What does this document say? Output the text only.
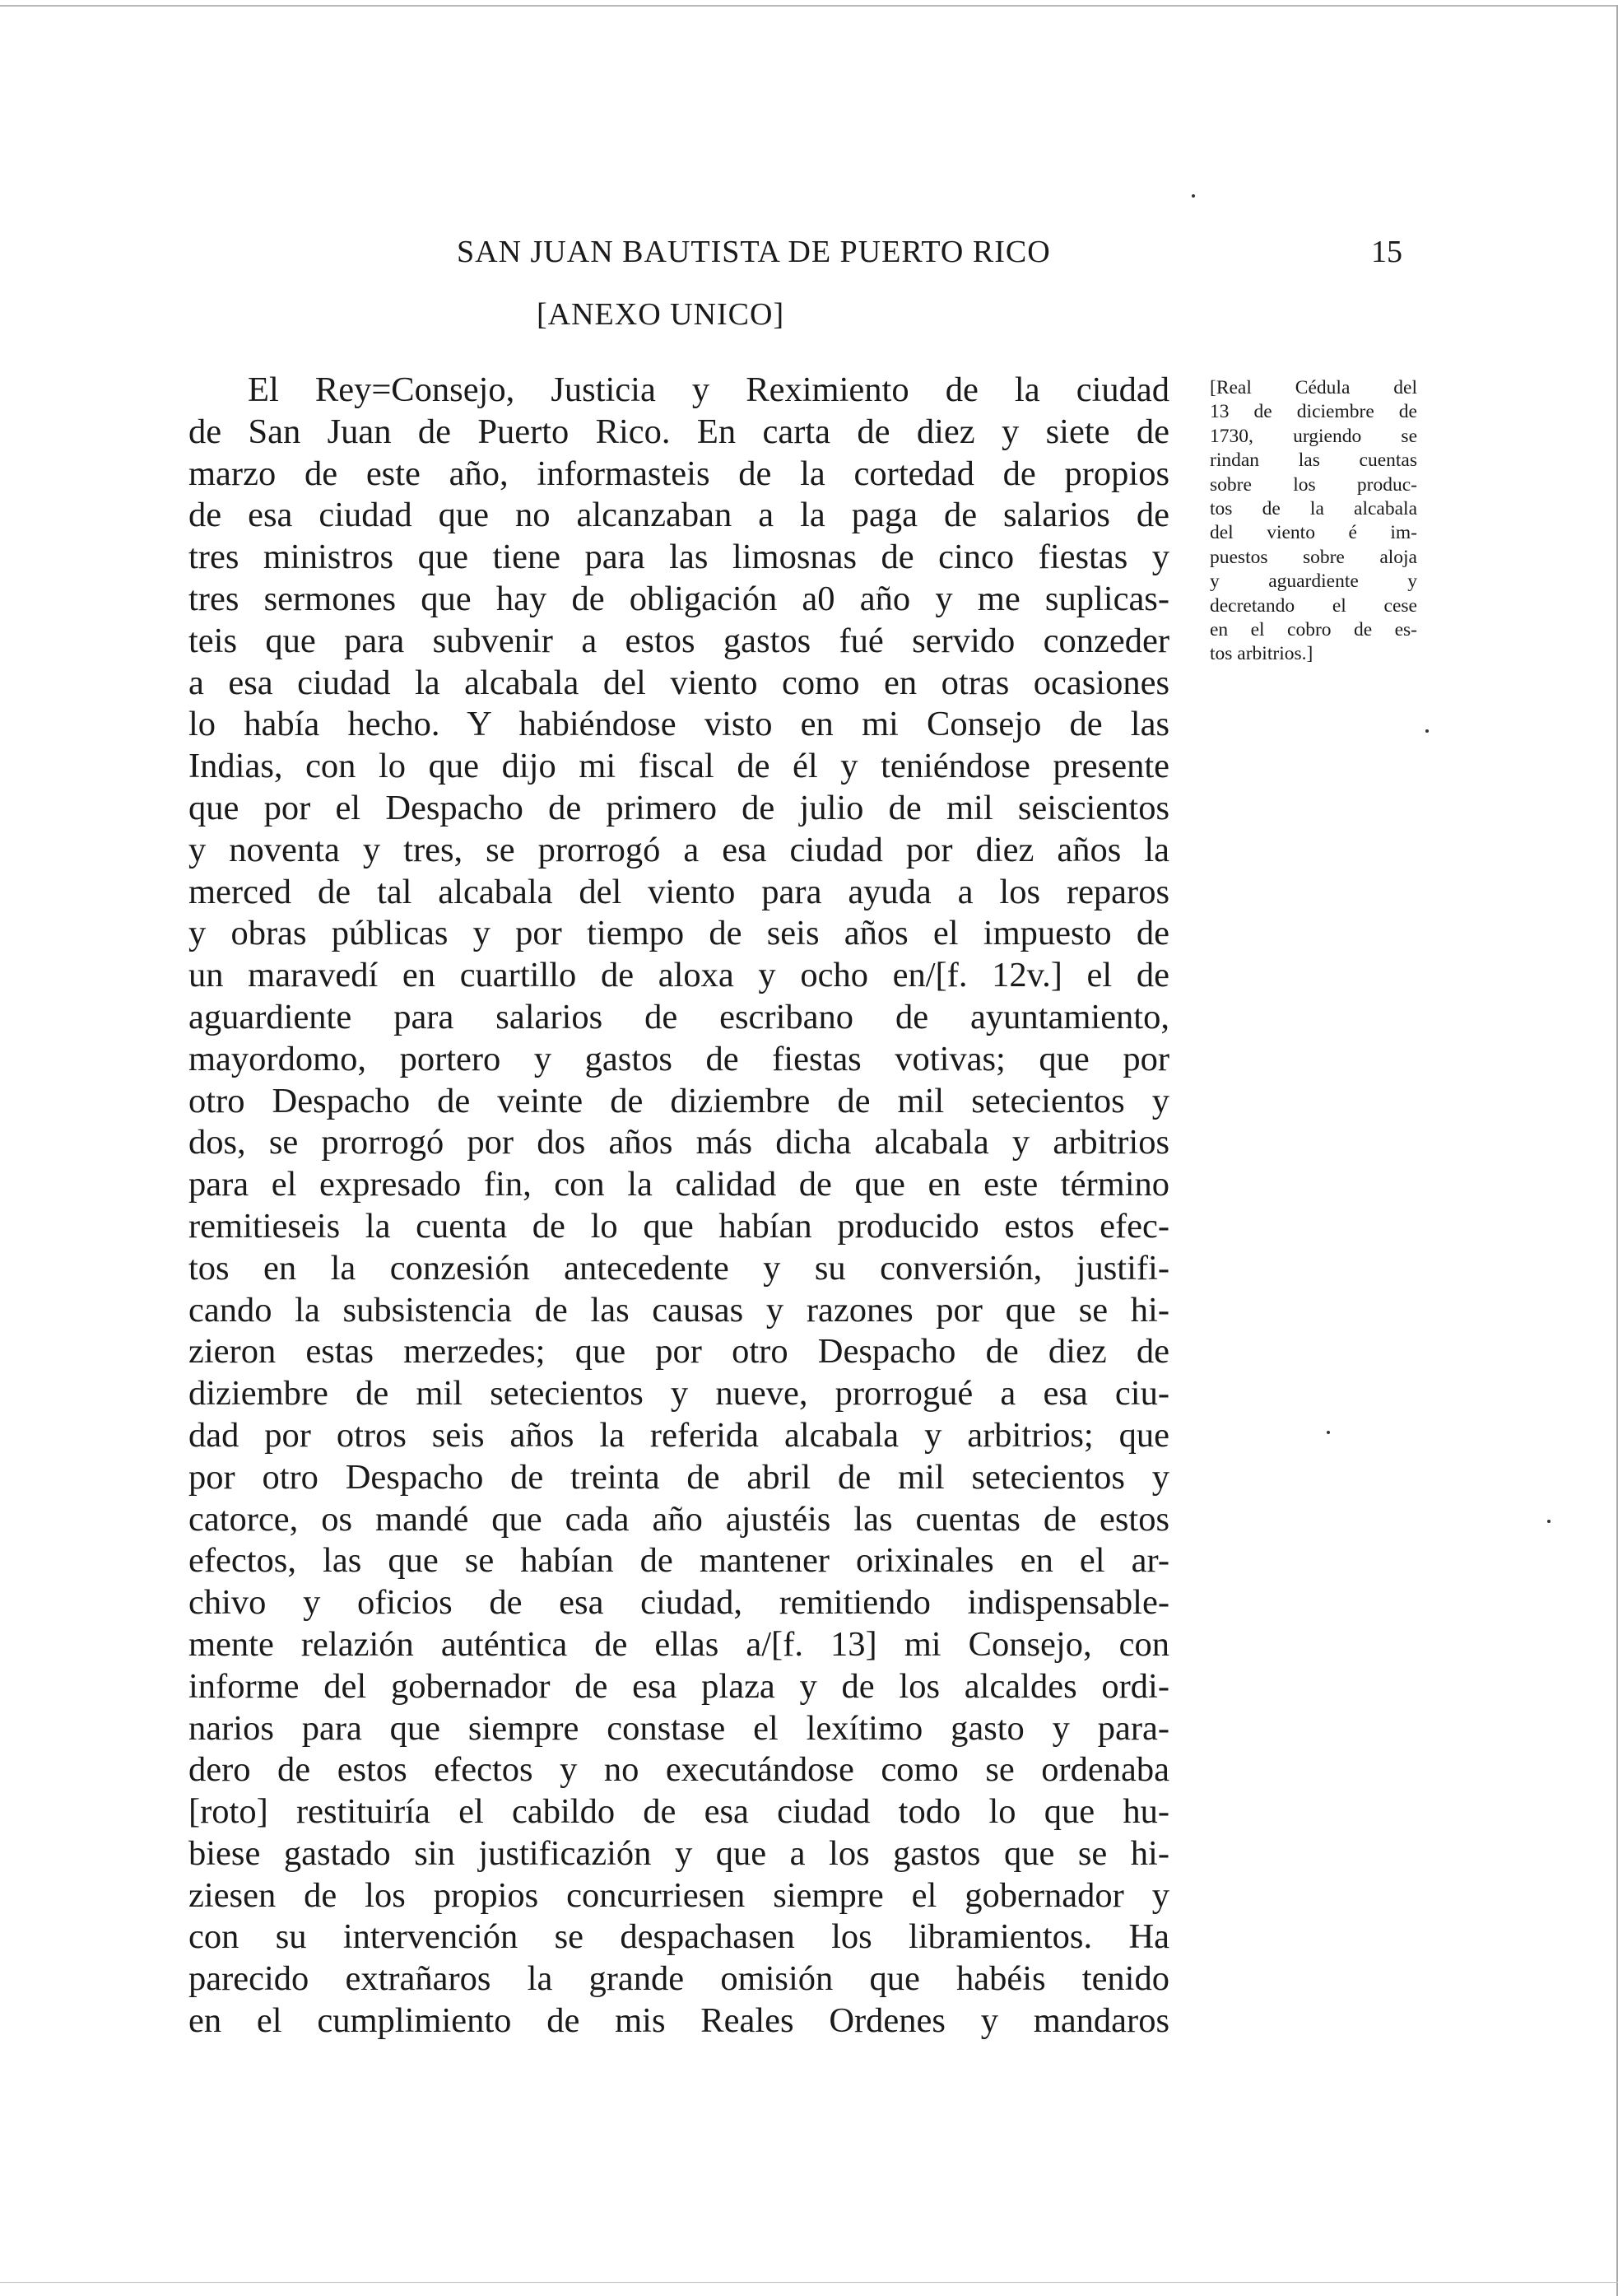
SAN JUAN BAUTISTA DE PUERTO RICO	15
[ANEXO UNICO]
El Rey=Consejo, Justicia y Reximiento de la ciudad
de San Juan de Puerto Rico. En carta de diez y siete de
marzo de este año, informasteis de la cortedad de propios
de esa ciudad que no alcanzaban a la paga de salarios de
tres ministros que tiene para las limosnas de cinco fiestas y
tres sermones que hay de obligación a0 año y me suplicas-
teis que para subvenir a estos gastos fué servido conzeder
a esa ciudad la alcabala del viento como en otras ocasiones
lo había hecho. Y habiéndose visto en mi Consejo de las
Indias, con lo que dijo mi fiscal de él y teniéndose presente
que por el Despacho de primero de julio de mil seiscientos
y noventa y tres, se prorrogó a esa ciudad por diez años la
merced de tal alcabala del viento para ayuda a los reparos
y obras públicas y por tiempo de seis años el impuesto de
un maravedí en cuartillo de aloxa y ocho en/[f. 12v.] el de
aguardiente para salarios de escribano de ayuntamiento,
mayordomo, portero y gastos de fiestas votivas; que por
otro Despacho de veinte de diziembre de mil setecientos y
dos, se prorrogó por dos años más dicha alcabala y arbitrios
para el expresado fin, con la calidad de que en este término
remitieseis la cuenta de lo que habían producido estos efec-
tos en la conzesión antecedente y su conversión, justifi-
cando la subsistencia de las causas y razones por que se hi-
zieron estas merzedes; que por otro Despacho de diez de
diziembre de mil setecientos y nueve, prorrogué a esa ciu-
dad por otros seis años la referida alcabala y arbitrios; que
por otro Despacho de treinta de abril de mil setecientos y
catorce, os mandé que cada año ajustéis las cuentas de estos
efectos, las que se habían de mantener orixinales en el ar-
chivo y oficios de esa ciudad, remitiendo indispensable-
mente relazión auténtica de ellas a/[f. 13] mi Consejo, con
informe del gobernador de esa plaza y de los alcaldes ordi-
narios para que siempre constase el lexítimo gasto y para-
dero de estos efectos y no executándose como se ordenaba
[roto] restituiría el cabildo de esa ciudad todo lo que hu-
biese gastado sin justificazión y que a los gastos que se hi-
ziesen de los propios concurriesen siempre el gobernador y
con su intervención se despachasen los libramientos. Ha
parecido extrañaros la grande omisión que habéis tenido
en el cumplimiento de mis Reales Ordenes y mandaros
[Real Cédula del
13 de diciembre de
1730, urgiendo se
rindan las cuentas
sobre los produc-
tos de la alcabala
del viento é im-
puestos sobre aloja
y aguardiente y
decretando el cese
en el cobro de es-
tos arbitrios.]
